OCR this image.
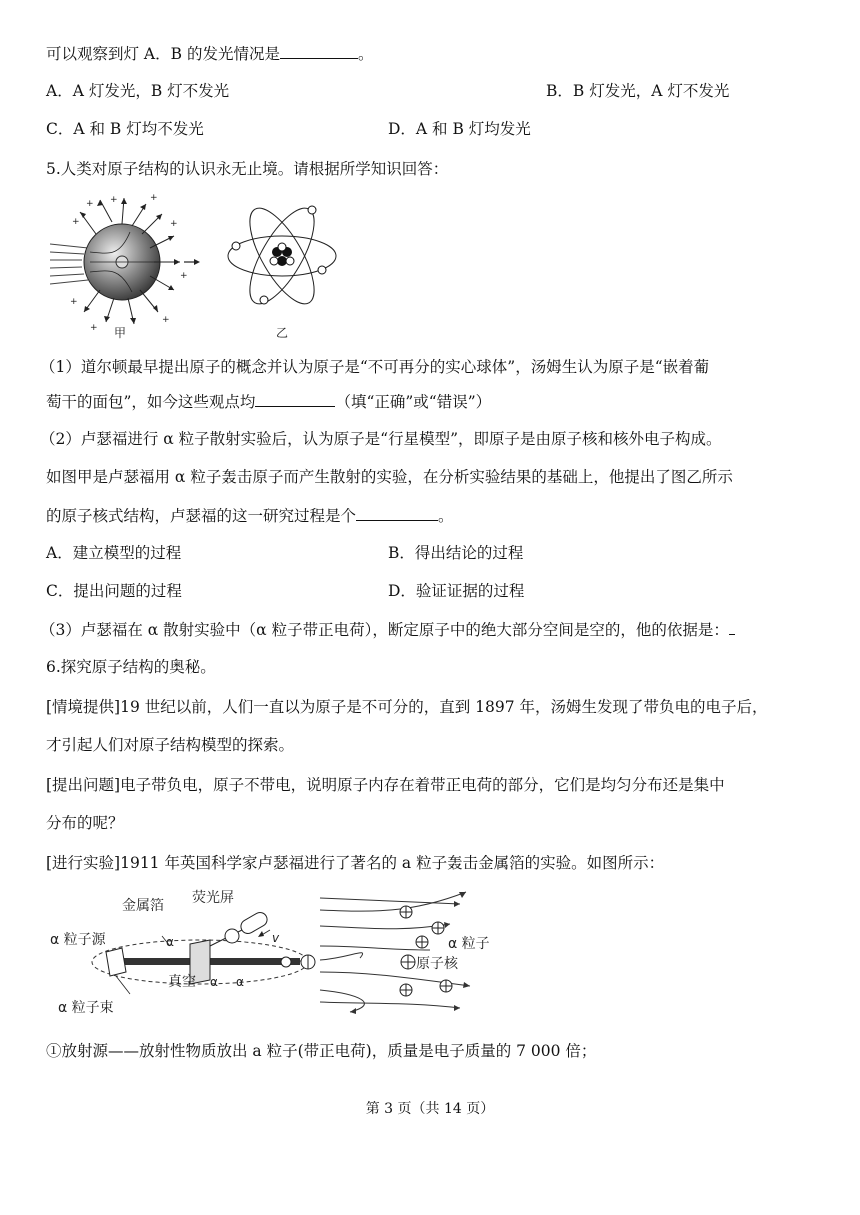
可以观察到灯 A．B 的发光情况是	。
A．A 灯发光，B 灯不发光	B．B 灯发光，A 灯不发光
C．A 和 B 灯均不发光	D．A 和 B 灯均发光
5.人类对原子结构的认识永无止境。请根据所学知识回答：
+ +	+
+
+
+
+
+
+
甲	乙
（1）道尔顿最早提出原子的概念并认为原子是“不可再分的实心球体”，汤姆生认为原子是“嵌着葡
萄干的面包”，如今这些观点均	（填“正确”或“错误”）
（2）卢瑟福进行 α 粒子散射实验后，认为原子是“行星模型”，即原子是由原子核和核外电子构成。
如图甲是卢瑟福用 α 粒子轰击原子而产生散射的实验，在分析实验结果的基础上，他提出了图乙所示
的原子核式结构，卢瑟福的这一研究过程是个	。
A．建立模型的过程	B．得出结论的过程
C．提出问题的过程	D．验证证据的过程
（3）卢瑟福在 α 散射实验中（α 粒子带正电荷），断定原子中的绝大部分空间是空的，他的依据是：
6.探究原子结构的奥秘。
[情境提供]19 世纪以前，人们一直以为原子是不可分的，直到 1897 年，汤姆生发现了带负电的电子后，
才引起人们对原子结构模型的探索。
[提出问题]电子带负电，原子不带电，说明原子内存在着带正电荷的部分，它们是均匀分布还是集中
分布的呢？
[进行实验]1911 年英国科学家卢瑟福进行了著名的 a 粒子轰击金属箔的实验。如图所示：
金属箔 荧光屏
α 粒子源
α 粒子束
真空
α
α α
v	α 粒子
原子核
①放射源——放射性物质放出 a 粒子(带正电荷)，质量是电子质量的 7 000 倍；
第 3 页（共 14 页）
